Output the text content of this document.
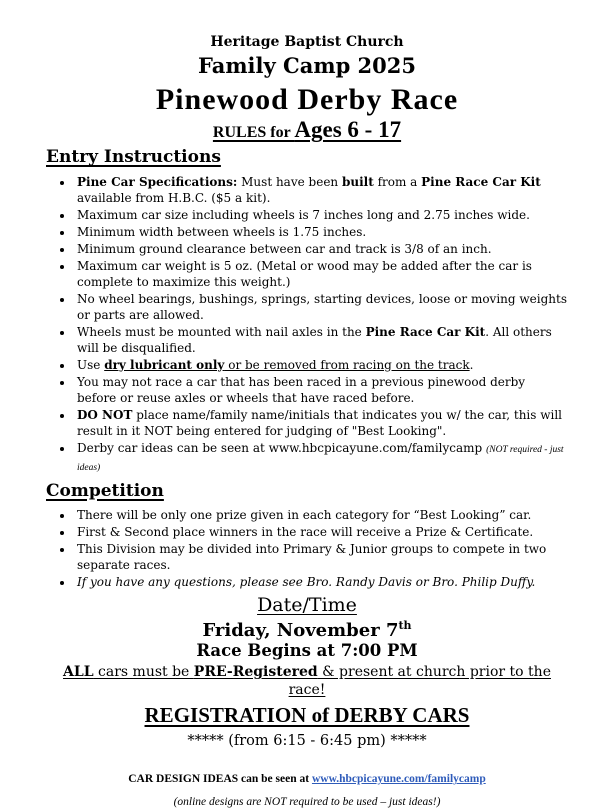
Heritage Baptist Church
Family Camp 2025
Pinewood Derby Race
RULES for Ages 6 - 17
Entry Instructions
• Pine Car Specifications: Must have been built from a Pine Race Car Kit available from H.B.C. ($5 a kit).
• Maximum car size including wheels is 7 inches long and 2.75 inches wide.
• Minimum width between wheels is 1.75 inches.
• Minimum ground clearance between car and track is 3/8 of an inch.
• Maximum car weight is 5 oz. (Metal or wood may be added after the car is complete to maximize this weight.)
• No wheel bearings, bushings, springs, starting devices, loose or moving weights or parts are allowed.
• Wheels must be mounted with nail axles in the Pine Race Car Kit. All others will be disqualified.
• Use dry lubricant only or be removed from racing on the track.
• You may not race a car that has been raced in a previous pinewood derby before or reuse axles or wheels that have raced before.
• DO NOT place name/family name/initials that indicates you w/ the car, this will result in it NOT being entered for judging of "Best Looking".
• Derby car ideas can be seen at www.hbcpicayune.com/familycamp (NOT required - just ideas)
Competition
• There will be only one prize given in each category for “Best Looking” car.
• First & Second place winners in the race will receive a Prize & Certificate.
• This Division may be divided into Primary & Junior groups to compete in two separate races.
• If you have any questions, please see Bro. Randy Davis or Bro. Philip Duffy.
Date/Time
Friday, November 7th
Race Begins at 7:00 PM
ALL cars must be PRE-Registered & present at church prior to the race!
REGISTRATION of DERBY CARS
***** (from 6:15 - 6:45 pm) *****
CAR DESIGN IDEAS can be seen at www.hbcpicayune.com/familycamp
(online designs are NOT required to be used – just ideas!)
